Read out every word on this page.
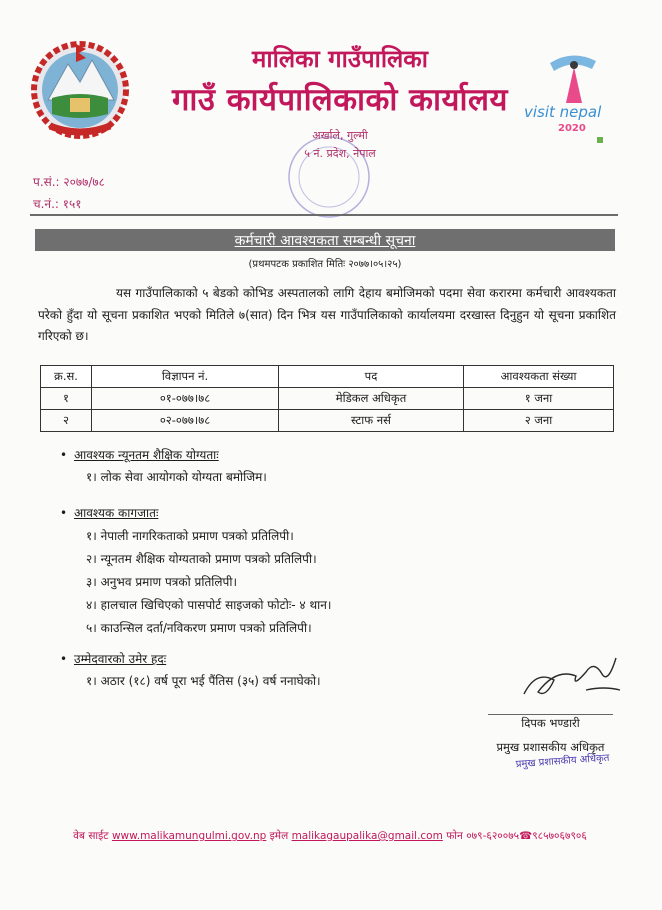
मालिका गाउँपालिका
गाउँ कार्यपालिकाको कार्यालय
अर्खाले, गुल्मी
५ नं. प्रदेश, नेपाल
visit nepal
2020
प.सं.: २०७७/७८
च.नं.: १५१
कर्मचारी आवश्यकता सम्बन्धी सूचना
(प्रथमपटक प्रकाशित मितिः २०७७।०५।२५)
यस गाउँपालिकाको ५ बेडको कोभिड अस्पतालको लागि देहाय बमोजिमको पदमा सेवा करारमा कर्मचारी आवश्यकता परेको हुँदा यो सूचना प्रकाशित भएको मितिले ७(सात) दिन भित्र यस गाउँपालिकाको कार्यालयमा दरखास्त दिनुहुन यो सूचना प्रकाशित गरिएको छ।
क्र.स.	विज्ञापन नं.	पद	आवश्यकता संख्या
१	०१-०७७।७८	मेडिकल अधिकृत	१ जना
२	०२-०७७।७८	स्टाफ नर्स	२ जना
• आवश्यक न्यूनतम शैक्षिक योग्यताः
१। लोक सेवा आयोगको योग्यता बमोजिम।
• आवश्यक कागजातः
१। नेपाली नागरिकताको प्रमाण पत्रको प्रतिलिपी।
२। न्यूनतम शैक्षिक योग्यताको प्रमाण पत्रको प्रतिलिपी।
३। अनुभव प्रमाण पत्रको प्रतिलिपी।
४। हालचाल खिचिएको पासपोर्ट साइजको फोटोः- ४ थान।
५। काउन्सिल दर्ता/नविकरण प्रमाण पत्रको प्रतिलिपी।
• उम्मेदवारको उमेर हदः
१। अठार (१८) वर्ष पूरा भई पैंतिस (३५) वर्ष ननाघेको।
दिपक भण्डारी
प्रमुख प्रशासकीय अधिकृत
प्रमुख प्रशासकीय अधिकृत
वेब साईट www.malikamungulmi.gov.np इमेल malikagaupalika@gmail.com फोन ०७९-६२००७५☎९८५७०६७९०६
